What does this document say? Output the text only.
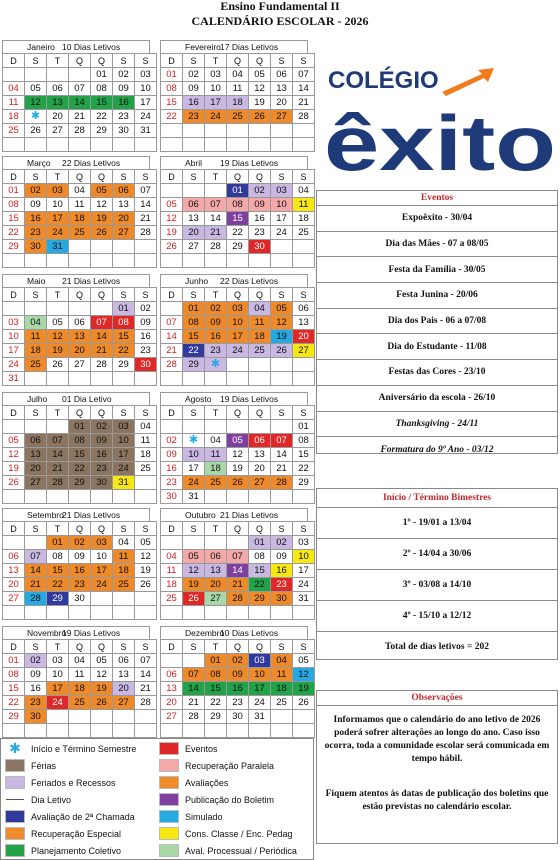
Ensino Fundamental II
CALENDÁRIO ESCOLAR - 2026
Janeiro 10 Dias Letivos
D	S	T	Q	Q	S	S
				01	02	03
04	05	06	07	08	09	10
11	12	13	14	15	16	17
18	✱	20	21	22	23	24
25	26	27	28	29	30	31

Fevereiro 17 Dias Letivos
D	S	T	Q	Q	S	S
01	02	03	04	05	06	07
08	09	10	11	12	13	14
15	16	17	18	19	20	21
22	23	24	25	26	27	28

Março	22 Dias Letivos
D	S	T	Q	Q	S	S
01	02	03	04	05	06	07
08	09	10	11	12	13	14
15	16	17	18	19	20	21
22	23	24	25	26	27	28
29	30	31				

Abril	19 Dias Letivos
D	S	T	Q	Q	S	S
			01	02	03	04
05	06	07	08	09	10	11
12	13	14	15	16	17	18
19	20	21	22	23	24	25
26	27	28	29	30		

Maio	21 Dias Letivos
D	S	T	Q	Q	S	S
					01	02
03	04	05	06	07	08	09
10	11	12	13	14	15	16
17	18	19	20	21	22	23
24	25	26	27	28	29	30
31						
Junho	22 Dias Letivos
D	S	T	Q	Q	S	S
	01	02	03	04	05	06
07	08	09	10	11	12	13
14	15	16	17	18	19	20
21	22	23	24	25	26	27
28	29	✱				

Julho	01 Dia Letivo
D	S	T	Q	Q	S	S
			01	02	03	04
05	06	07	08	09	10	11
12	13	14	15	16	17	18
19	20	21	22	23	24	25
26	27	28	29	30	31	

Agosto	19 Dias Letivos
D	S	T	Q	Q	S	S
						01
02	✱	04	05	06	07	08
09	10	11	12	13	14	15
16	17	18	19	20	21	22
23	24	25	26	27	28	29
30	31					
Setembro
21 Dias Letivos
D	S	T	Q	Q	S	S
		01	02	03	04	05
06	07	08	09	10	11	12
13	14	15	16	17	18	19
20	21	22	23	24	25	26
27	28	29	30			

Outubro 21 Dias Letivos
D	S	T	Q	Q	S	S
				01	02	03
04	05	06	07	08	09	10
11	12	13	14	15	16	17
18	19	20	21	22	23	24
25	26	27	28	29	30	31

Novembro
19 Dias Letivos
D	S	T	Q	Q	S	S
01	02	03	04	05	06	07
08	09	10	11	12	13	14
15	16	17	18	19	20	21
22	23	24	25	26	27	28
29	30					

Dezembro
10 Dias Letivos
D	S	T	Q	Q	S	S
		01	02	03	04	05
06	07	08	09	10	11	12
13	14	15	16	17	18	19
20	21	22	23	24	25	26
27	28	29	30	31		

COLÉGIO
êxito
Eventos
Expoêxito - 30/04
Dia das Mães - 07 a 08/05
Festa da Família - 30/05
Festa Junina - 20/06
Dia dos Pais - 06 a 07/08
Dia do Estudante - 11/08
Festas das Cores - 23/10
Aniversário da escola - 26/10
Thanksgiving - 24/11
Formatura do 9º Ano - 03/12
Início / Término Bimestres
1º - 19/01 a 13/04
2º - 14/04 a 30/06
3º - 03/08 a 14/10
4º - 15/10 a 12/12
Total de dias letivos = 202
Observações

Informamos que o calendário do ano letivo de 2026 poderá sofrer alterações ao longo do ano. Caso isso ocorra, toda a comunidade escolar será comunicada em tempo hábil.

Fiquem atentos às datas de publicação dos boletins que estão previstas no calendário escolar.

✱ Início e Término Semestre
Férias
Feriados e Recessos
Dia Letivo
Avaliação de 2ª Chamada
Recuperação Especial
Planejamento Coletivo
Eventos
Recuperação Paralela
Avaliações
Publicação do Boletim
Simulado
Cons. Classe / Enc. Pedag
Aval. Processual / Periódica
